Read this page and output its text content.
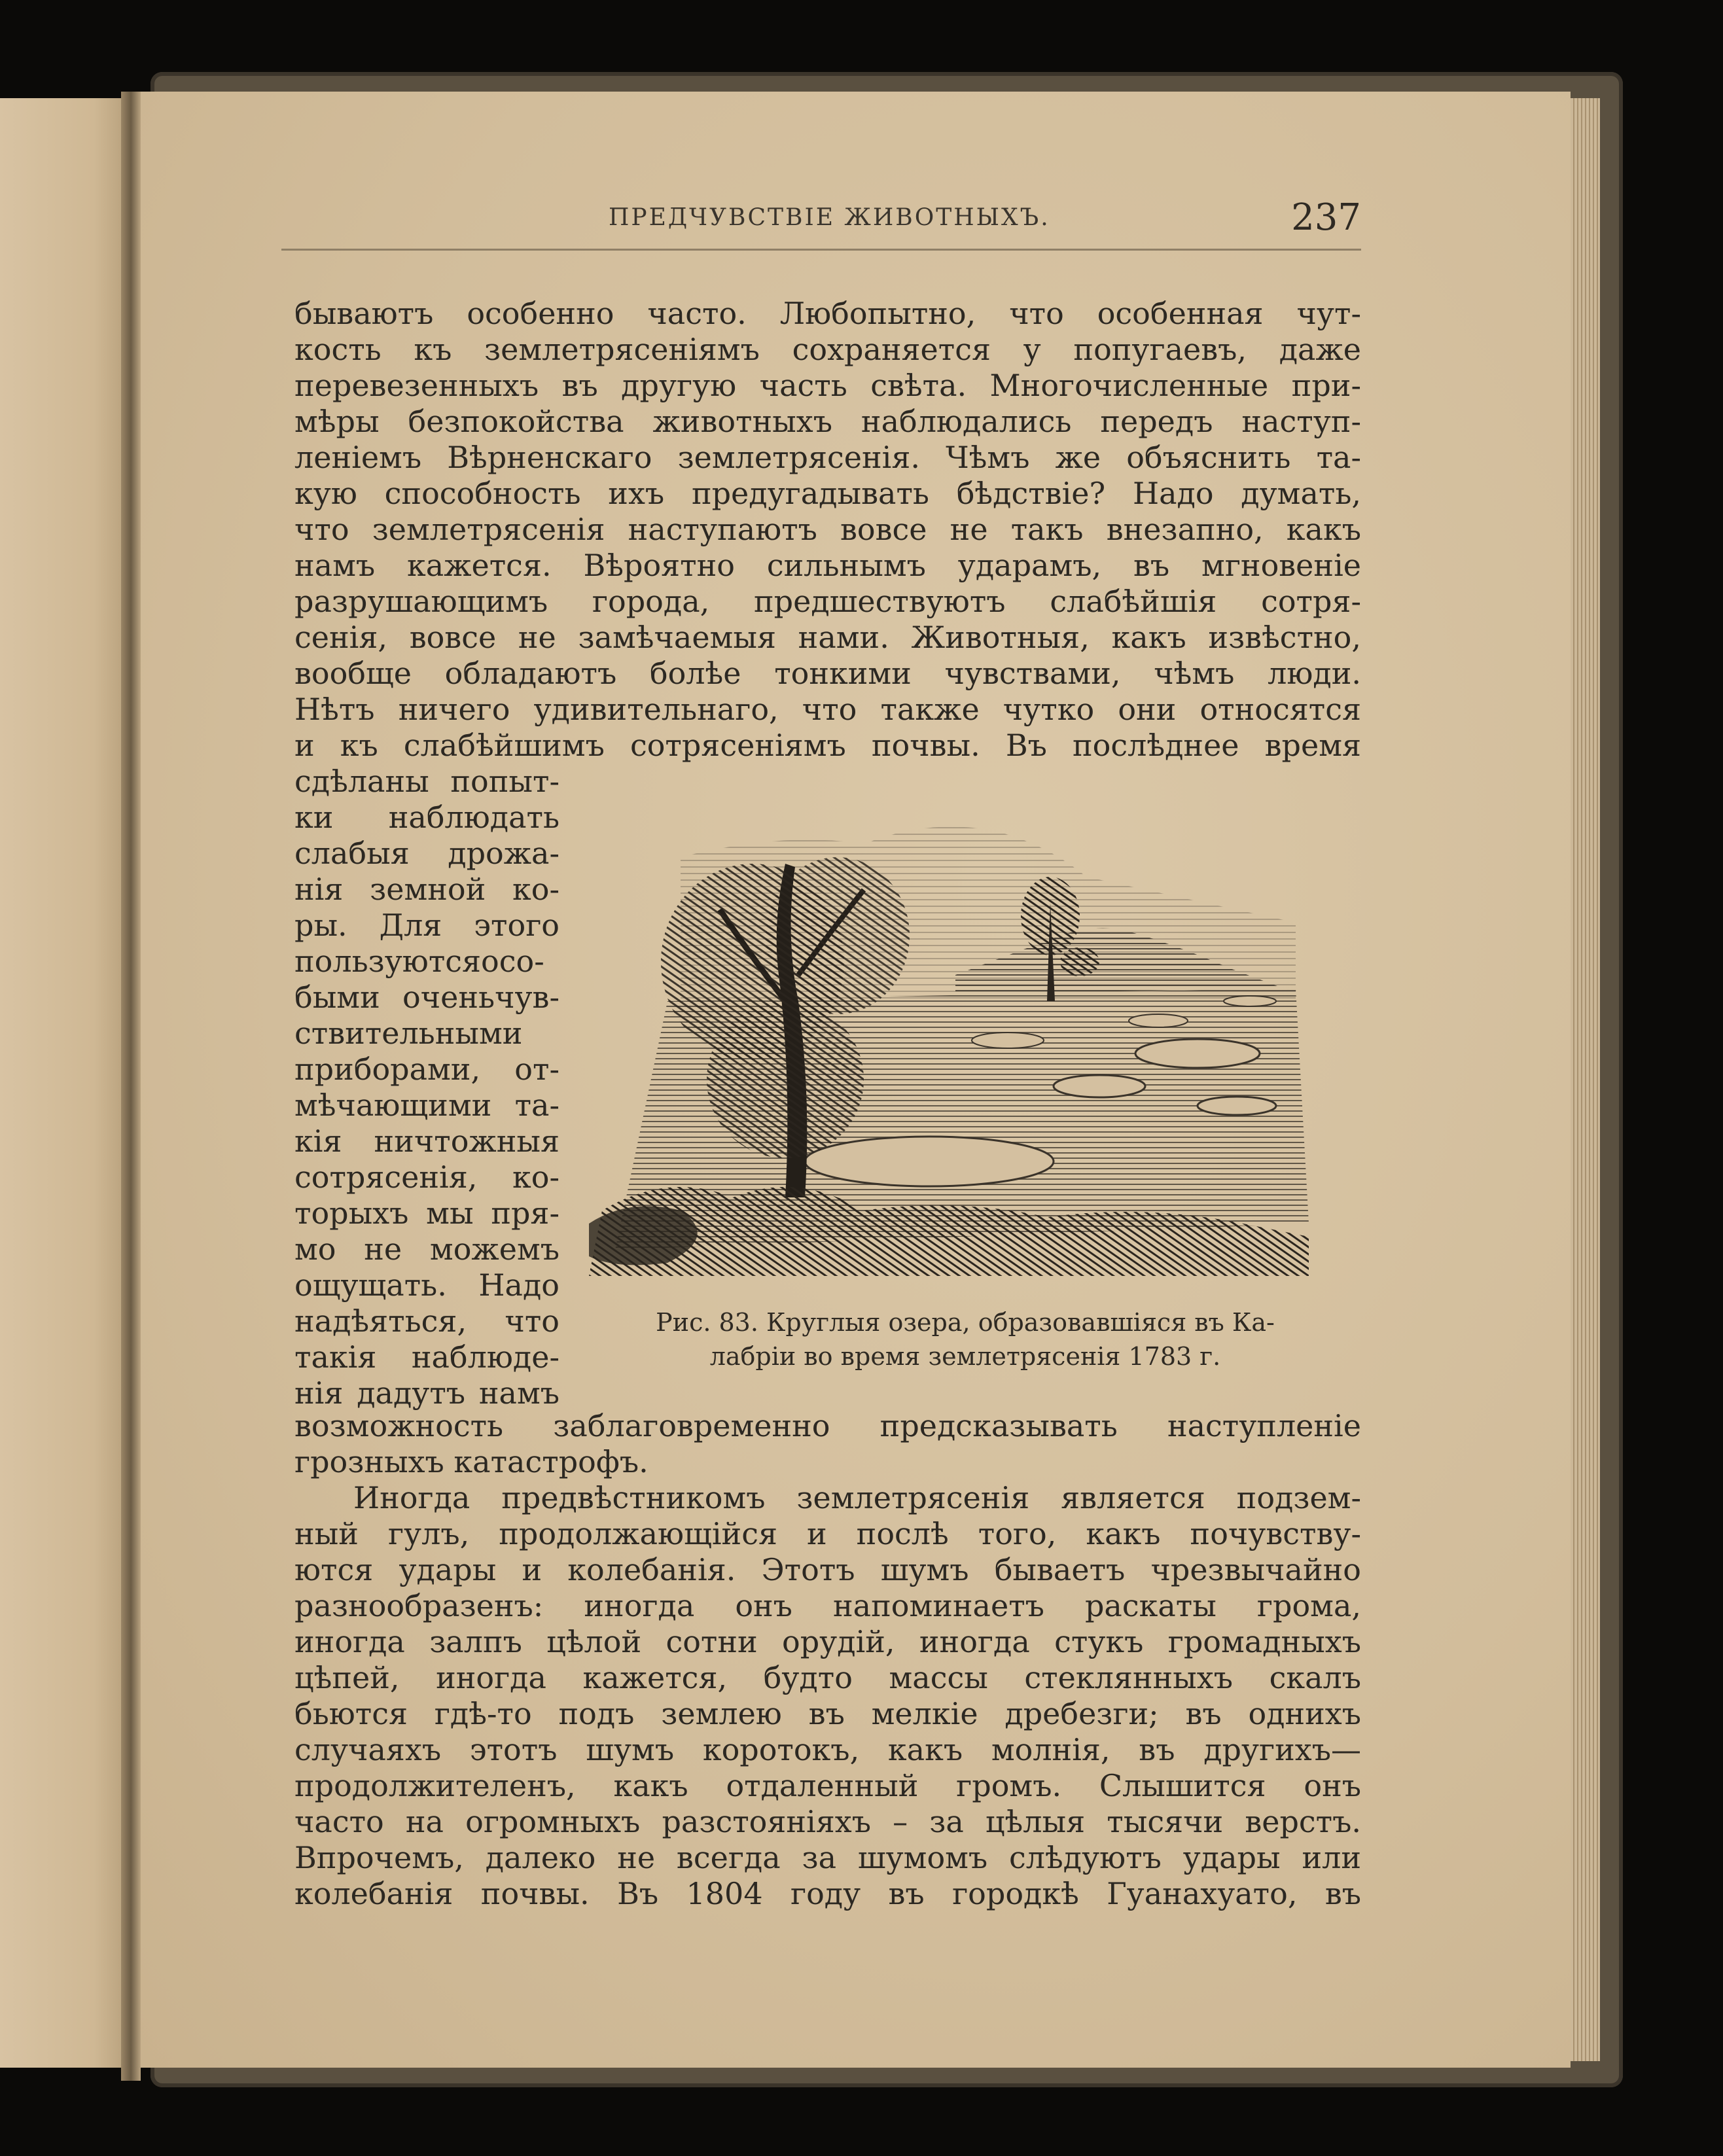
ПРЕДЧУВСТВІЕ ЖИВОТНЫХЪ.	237
бываютъ особенно часто. Любопытно, что особенная чут-
кость къ землетрясеніямъ сохраняется у попугаевъ, даже
перевезенныхъ въ другую часть свѣта. Многочисленные при-
мѣры безпокойства животныхъ наблюдались передъ наступ-
леніемъ Вѣрненскаго землетрясенія. Чѣмъ же объяснить та-
кую способность ихъ предугадывать бѣдствіе? Надо думать,
что землетрясенія наступаютъ вовсе не такъ внезапно, какъ
намъ кажется. Вѣроятно сильнымъ ударамъ, въ мгновеніе
разрушающимъ города, предшествуютъ слабѣйшія сотря-
сенія, вовсе не замѣчаемыя нами. Животныя, какъ извѣстно,
вообще обладаютъ болѣе тонкими чувствами, чѣмъ люди.
Нѣтъ ничего удивительнаго, что также чутко они относятся
и къ слабѣйшимъ сотрясеніямъ почвы. Въ послѣднее время
сдѣланы попыт-
ки наблюдать
слабыя дрожа-
нія земной ко-
ры. Для этого
пользуютсяосо-
быми оченьчув-
ствительными
приборами, от-
мѣчающими та-
кія ничтожныя
сотрясенія, ко-
торыхъ мы пря-
мо не можемъ
ощущать. Надо
надѣяться, что
такія наблюде-
нія дадутъ намъ
Рис. 83. Круглыя озера, образовавшіяся въ Ка-
лабріи во время землетрясенія 1783 г.
возможность заблаговременно предсказывать наступленіе
грозныхъ катастрофъ.
Иногда предвѣстникомъ землетрясенія является подзем-
ный гулъ, продолжающійся и послѣ того, какъ почувству-
ются удары и колебанія. Этотъ шумъ бываетъ чрезвычайно
разнообразенъ: иногда онъ напоминаетъ раскаты грома,
иногда залпъ цѣлой сотни орудій, иногда стукъ громадныхъ
цѣпей, иногда кажется, будто массы стеклянныхъ скалъ
бьются гдѣ-то подъ землею въ мелкіе дребезги; въ однихъ
случаяхъ этотъ шумъ коротокъ, какъ молнія, въ другихъ—
продолжителенъ, какъ отдаленный громъ. Слышится онъ
часто на огромныхъ разстояніяхъ – за цѣлыя тысячи верстъ.
Впрочемъ, далеко не всегда за шумомъ слѣдуютъ удары или
колебанія почвы. Въ 1804 году въ городкѣ Гуанахуато, въ
